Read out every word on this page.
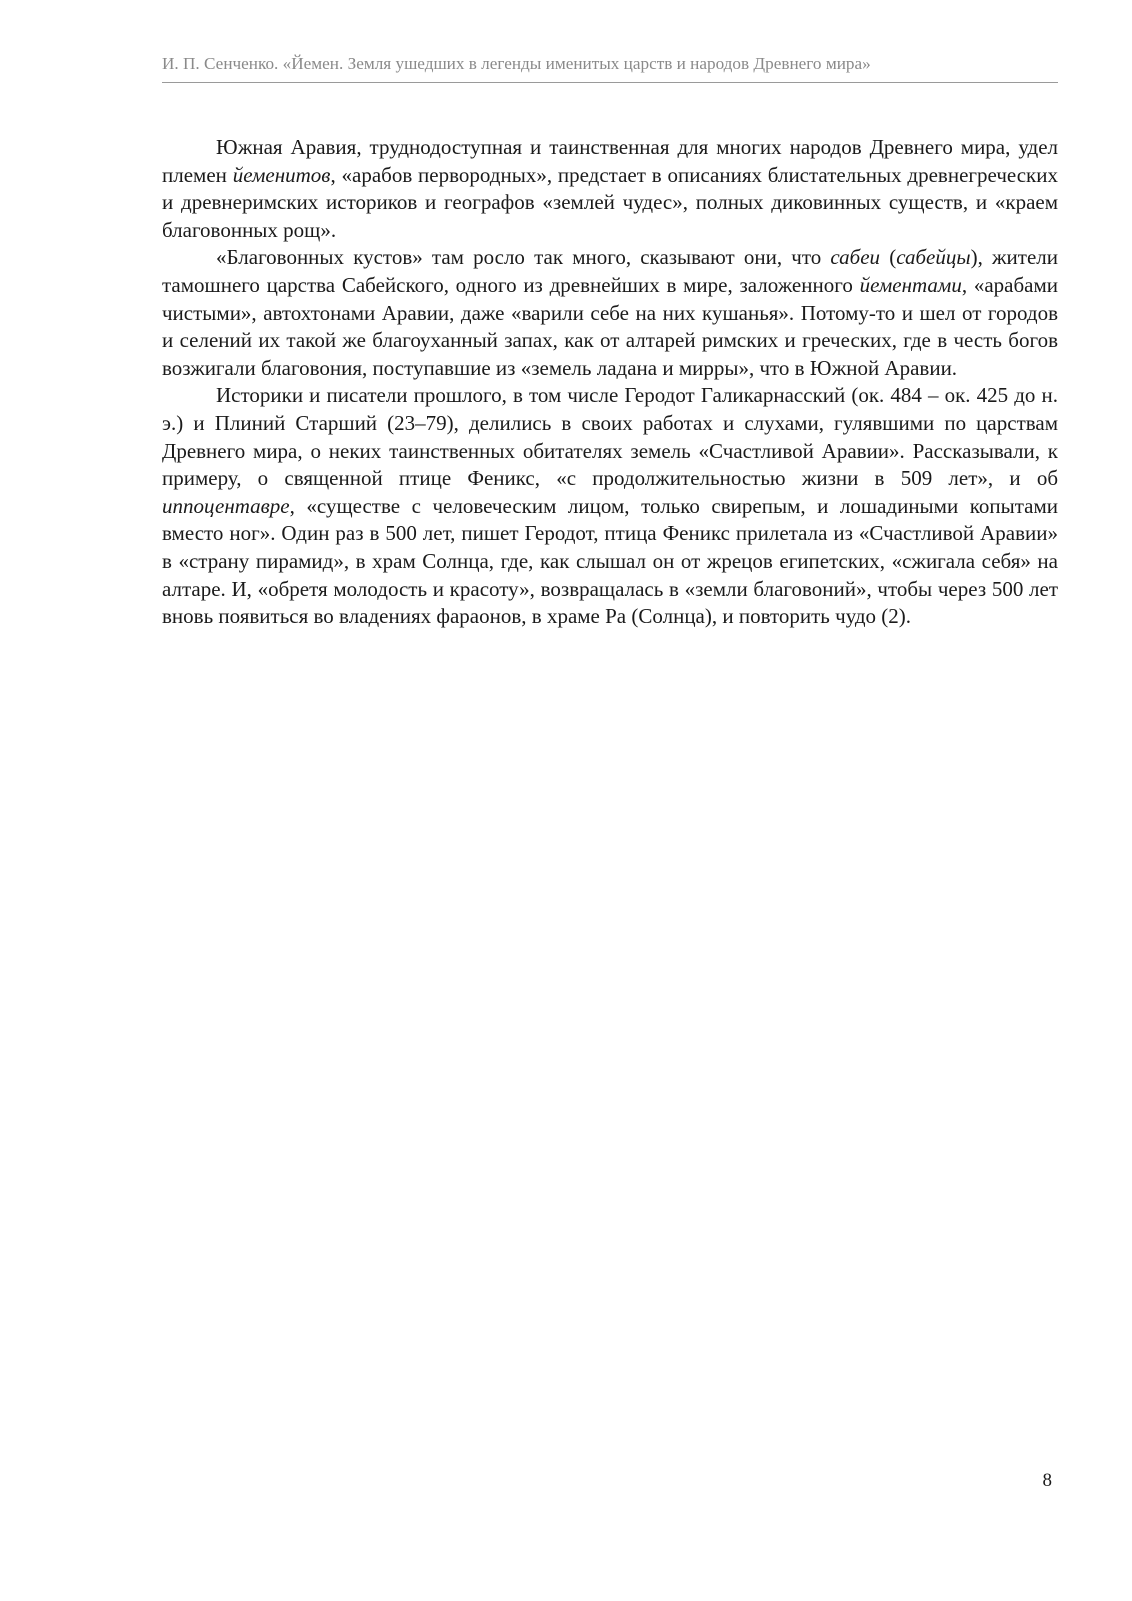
И. П. Сенченко. «Йемен. Земля ушедших в легенды именитых царств и народов Древнего мира»

Южная Аравия, труднодоступная и таинственная для многих народов Древнего мира, удел племен йеменитов, «арабов первородных», предстает в описаниях блистательных древнегреческих и древнеримских историков и географов «землей чудес», полных диковинных существ, и «краем благовонных рощ».

«Благовонных кустов» там росло так много, сказывают они, что сабеи (сабейцы), жители тамошнего царства Сабейского, одного из древнейших в мире, заложенного йементами, «арабами чистыми», автохтонами Аравии, даже «варили себе на них кушанья». Потому-то и шел от городов и селений их такой же благоуханный запах, как от алтарей римских и греческих, где в честь богов возжигали благовония, поступавшие из «земель ладана и мирры», что в Южной Аравии.

Историки и писатели прошлого, в том числе Геродот Галикарнасский (ок. 484 – ок. 425 до н. э.) и Плиний Старший (23–79), делились в своих работах и слухами, гулявшими по царствам Древнего мира, о неких таинственных обитателях земель «Счастливой Аравии». Рассказывали, к примеру, о священной птице Феникс, «с продолжительностью жизни в 509 лет», и об иппоцентавре, «существе с человеческим лицом, только свирепым, и лошадиными копытами вместо ног». Один раз в 500 лет, пишет Геродот, птица Феникс прилетала из «Счастливой Аравии» в «страну пирамид», в храм Солнца, где, как слышал он от жрецов египетских, «сжигала себя» на алтаре. И, «обретя молодость и красоту», возвращалась в «земли благовоний», чтобы через 500 лет вновь появиться во владениях фараонов, в храме Ра (Солнца), и повторить чудо (2).

8
